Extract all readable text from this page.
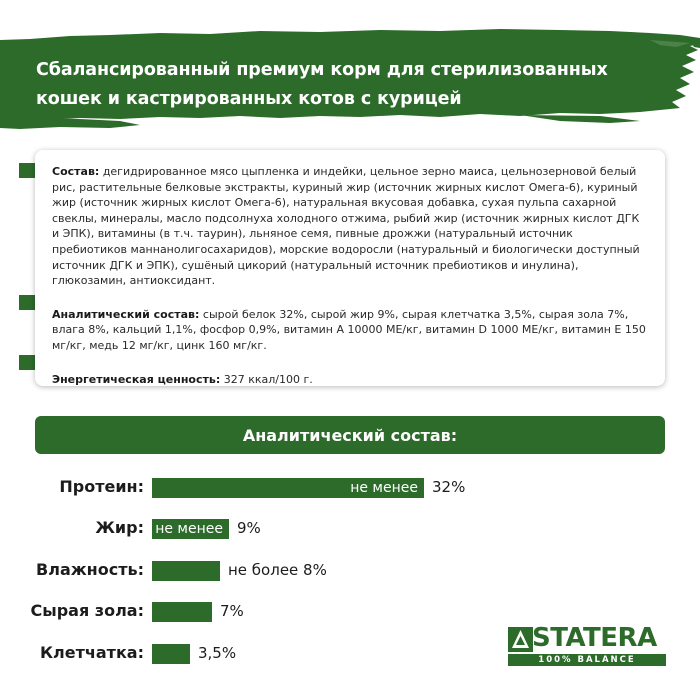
Сбалансированный премиум корм для стерилизованных кошек и кастрированных котов с курицей

Состав: дегидрированное мясо цыпленка и индейки, цельное зерно маиса, цельнозерновой белый рис, растительные белковые экстракты, куриный жир (источник жирных кислот Омега-6), куриный жир (источник жирных кислот Омега-6), натуральная вкусовая добавка, сухая пульпа сахарной свеклы, минералы, масло подсолнуха холодного отжима, рыбий жир (источник жирных кислот ДГК и ЭПК), витамины (в т.ч. таурин), льняное семя, пивные дрожжи (натуральный источник пребиотиков маннанолигосахаридов), морские водоросли (натуральный и биологически доступный источник ДГК и ЭПК), сушёный цикорий (натуральный источник пребиотиков и инулина), глюкозамин, антиоксидант.

Аналитический состав: сырой белок 32%, сырой жир 9%, сырая клетчатка 3,5%, сырая зола 7%, влага 8%, кальций 1,1%, фосфор 0,9%, витамин А 10000 МЕ/кг, витамин D 1000 МЕ/кг, витамин Е 150 мг/кг, медь 12 мг/кг, цинк 160 мг/кг.

Энергетическая ценность: 327 ккал/100 г.

Аналитический состав:
Протеин:	не менее 32%
Жир: не менее 9%
Влажность:	не более 8%
Сырая зола:	7%
Клетчатка:	3,5%	STATERA
100% BALANCE
